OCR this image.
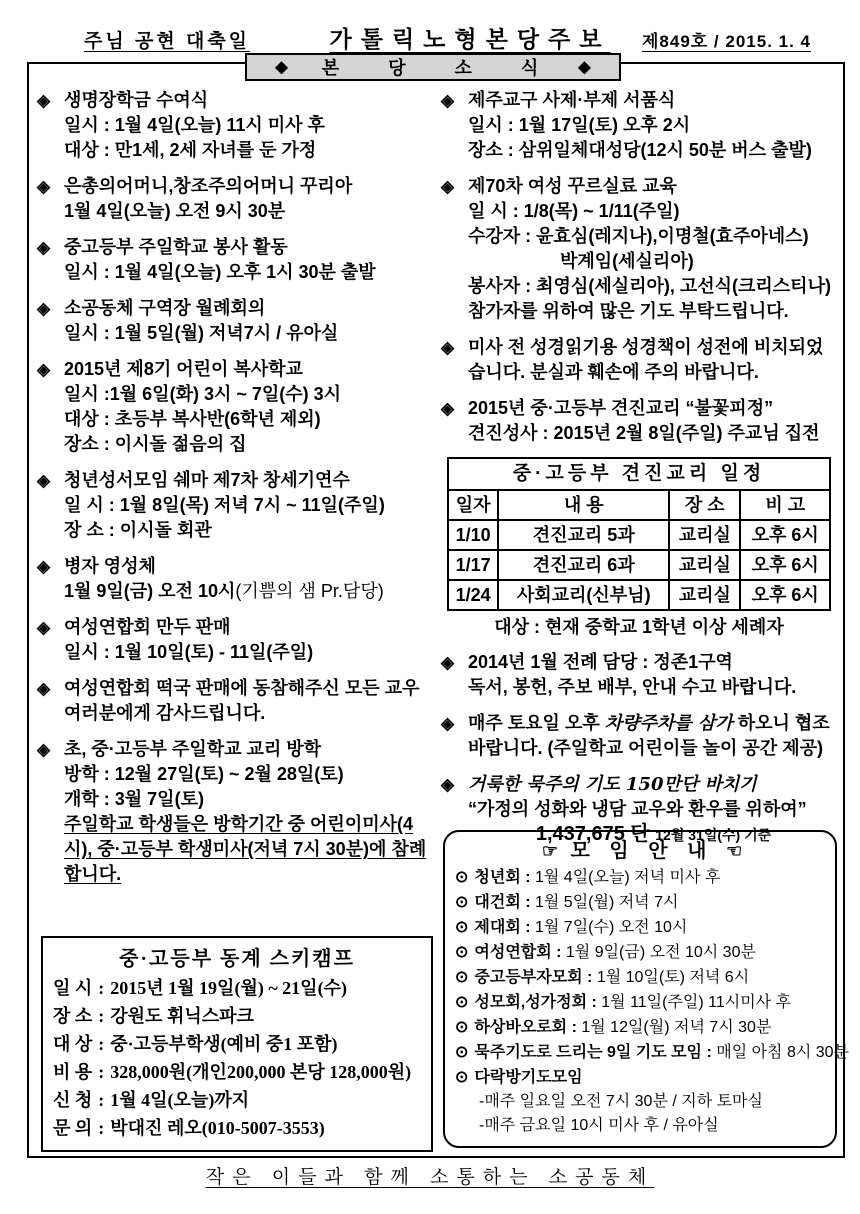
주님 공현 대축일	가톨릭노형본당주보	제849호 / 2015. 1. 4
◆ 본 당 소 식 ◆
◈ 생명장학금 수여식
일시 : 1월 4일(오늘) 11시 미사 후
대상 : 만1세, 2세 자녀를 둔 가정
◈ 은총의어머니,창조주의어머니 꾸리아
1월 4일(오늘) 오전 9시 30분
◈ 중고등부 주일학교 봉사 활동
일시 : 1월 4일(오늘) 오후 1시 30분 출발
◈ 소공동체 구역장 월례회의
일시 : 1월 5일(월) 저녁7시 / 유아실
◈ 2015년 제8기 어린이 복사학교
일시 :1월 6일(화) 3시 ~ 7일(수) 3시
대상 : 초등부 복사반(6학년 제외)
장소 : 이시돌 젊음의 집
◈ 청년성서모임 쉐마 제7차 창세기연수
일 시 : 1월 8일(목) 저녁 7시 ~ 11일(주일)
장 소 : 이시돌 회관
◈ 병자 영성체
1월 9일(금) 오전 10시(기쁨의 샘 Pr.담당)
◈ 여성연합회 만두 판매
일시 : 1월 10일(토) - 11일(주일)
◈ 여성연합회 떡국 판매에 동참해주신 모든 교우
여러분에게 감사드립니다.
◈ 초, 중·고등부 주일학교 교리 방학
방학 : 12월 27일(토) ~ 2월 28일(토)
개학 : 3월 7일(토)
주일학교 학생들은 방학기간 중 어린이미사(4
시), 중·고등부 학생미사(저녁 7시 30분)에 참례
합니다.
◈ 제주교구 사제·부제 서품식
일시 : 1월 17일(토) 오후 2시
장소 : 삼위일체대성당(12시 50분 버스 출발)
◈ 제70차 여성 꾸르실료 교육
일 시 : 1/8(목) ~ 1/11(주일)
수강자 : 윤효심(레지나),이명철(효주아네스)
박계임(세실리아)
봉사자 : 최영심(세실리아), 고선식(크리스티나)
참가자를 위하여 많은 기도 부탁드립니다.
◈ 미사 전 성경읽기용 성경책이 성전에 비치되었
습니다. 분실과 훼손에 주의 바랍니다.
◈ 2015년 중·고등부 견진교리 “불꽃피정”
견진성사 : 2015년 2월 8일(주일) 주교님 집전
중·고등부 견진교리 일정			
일자	내 용	장 소	비 고
1/10	견진교리 5과	교리실	오후 6시
1/17	견진교리 6과	교리실	오후 6시
1/24	사회교리(신부님)	교리실	오후 6시
대상 : 현재 중학교 1학년 이상 세례자
◈ 2014년 1월 전례 담당 : 정존1구역
독서, 봉헌, 주보 배부, 안내 수고 바랍니다.
◈ 매주 토요일 오후 차량주차를 삼가 하오니 협조
바랍니다. (주일학교 어린이들 놀이 공간 제공)
◈ 거룩한 묵주의 기도 150만단 바치기
“가정의 성화와 냉담 교우와 환우를 위하여”
1,437,675 단 12월 31일(수) 기준
중·고등부 동계 스키캠프
일 시 : 2015년 1월 19일(월) ~ 21일(수)
장 소 : 강원도 휘닉스파크
대 상 : 중·고등부학생(예비 중1 포함)
비 용 : 328,000원(개인200,000 본당 128,000원)
신 청 : 1월 4일(오늘)까지
문 의 : 박대진 레오(010-5007-3553)
☞ 모 임 안 내 ☜
⊙ 청년회 : 1월 4일(오늘) 저녁 미사 후
⊙ 대건회 : 1월 5일(월) 저녁 7시
⊙ 제대회 : 1월 7일(수) 오전 10시
⊙ 여성연합회 : 1월 9일(금) 오전 10시 30분
⊙ 중고등부자모회 : 1월 10일(토) 저녁 6시
⊙ 성모회,성가정회 : 1월 11일(주일) 11시미사 후
⊙ 하상바오로회 : 1월 12일(월) 저녁 7시 30분
⊙ 묵주기도로 드리는 9일 기도 모임 : 매일 아침 8시 30분
⊙ 다락방기도모임
-매주 일요일 오전 7시 30분 / 지하 토마실
-매주 금요일 10시 미사 후 / 유아실
작은 이들과 함께 소통하는 소공동체
